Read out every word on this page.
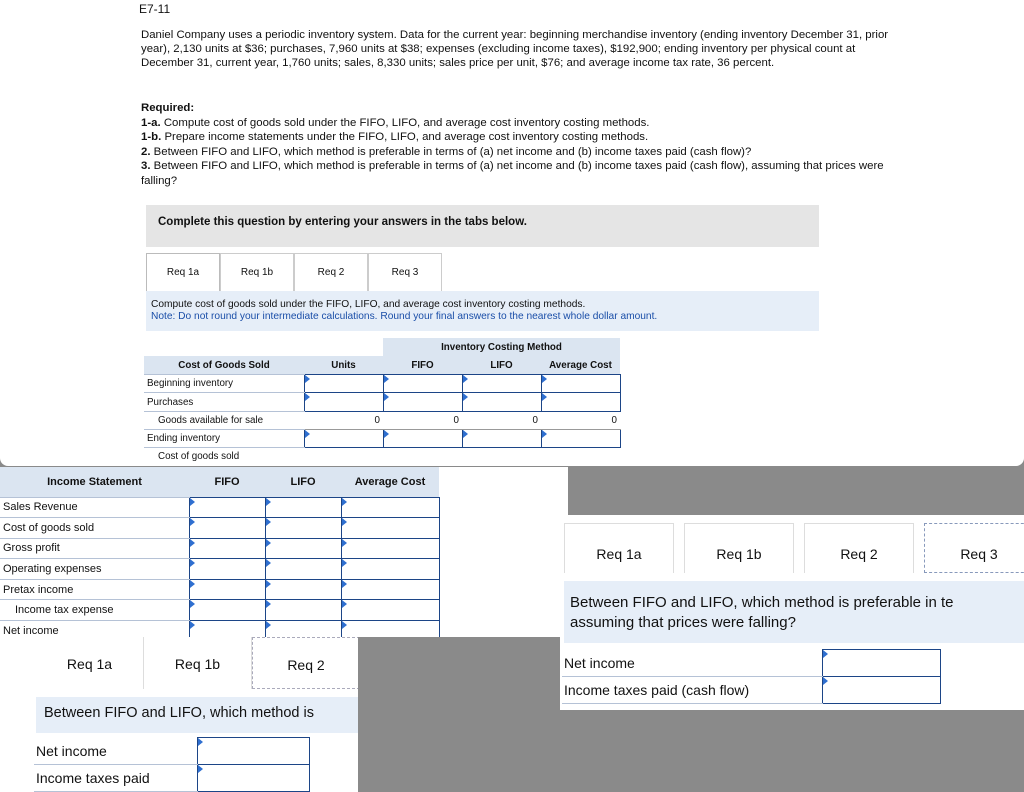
E7-11
Daniel Company uses a periodic inventory system. Data for the current year: beginning merchandise inventory (ending inventory December 31, prior year), 2,130 units at $36; purchases, 7,960 units at $38; expenses (excluding income taxes), $192,900; ending inventory per physical count at December 31, current year, 1,760 units; sales, 8,330 units; sales price per unit, $76; and average income tax rate, 36 percent.
Required:
1-a. Compute cost of goods sold under the FIFO, LIFO, and average cost inventory costing methods.
1-b. Prepare income statements under the FIFO, LIFO, and average cost inventory costing methods.
2. Between FIFO and LIFO, which method is preferable in terms of (a) net income and (b) income taxes paid (cash flow)?
3. Between FIFO and LIFO, which method is preferable in terms of (a) net income and (b) income taxes paid (cash flow), assuming that prices were falling?
Complete this question by entering your answers in the tabs below.
Req 1a	Req 1b	Req 2	Req 3
Compute cost of goods sold under the FIFO, LIFO, and average cost inventory costing methods.
Note: Do not round your intermediate calculations. Round your final answers to the nearest whole dollar amount.
		Inventory Costing Method		
Cost of Goods Sold	Units	FIFO	LIFO	Average Cost
Beginning inventory	

Purchases	

Goods available for sale	0	0	0	0
Ending inventory	

Cost of goods sold				
Income Statement	FIFO	LIFO	Average Cost
Sales Revenue	

Cost of goods sold	

Gross profit	

Operating expenses	

Pretax income	

Income tax expense	

Net income	

Req 1a	Req 1b	Req 2
Between FIFO and LIFO, which method is
Net income	

Income taxes paid	
Req 1a	Req 1b	Req 2	Req 3
Between FIFO and LIFO, which method is preferable in te
assuming that prices were falling?
Net income	

Income taxes paid (cash flow)	
